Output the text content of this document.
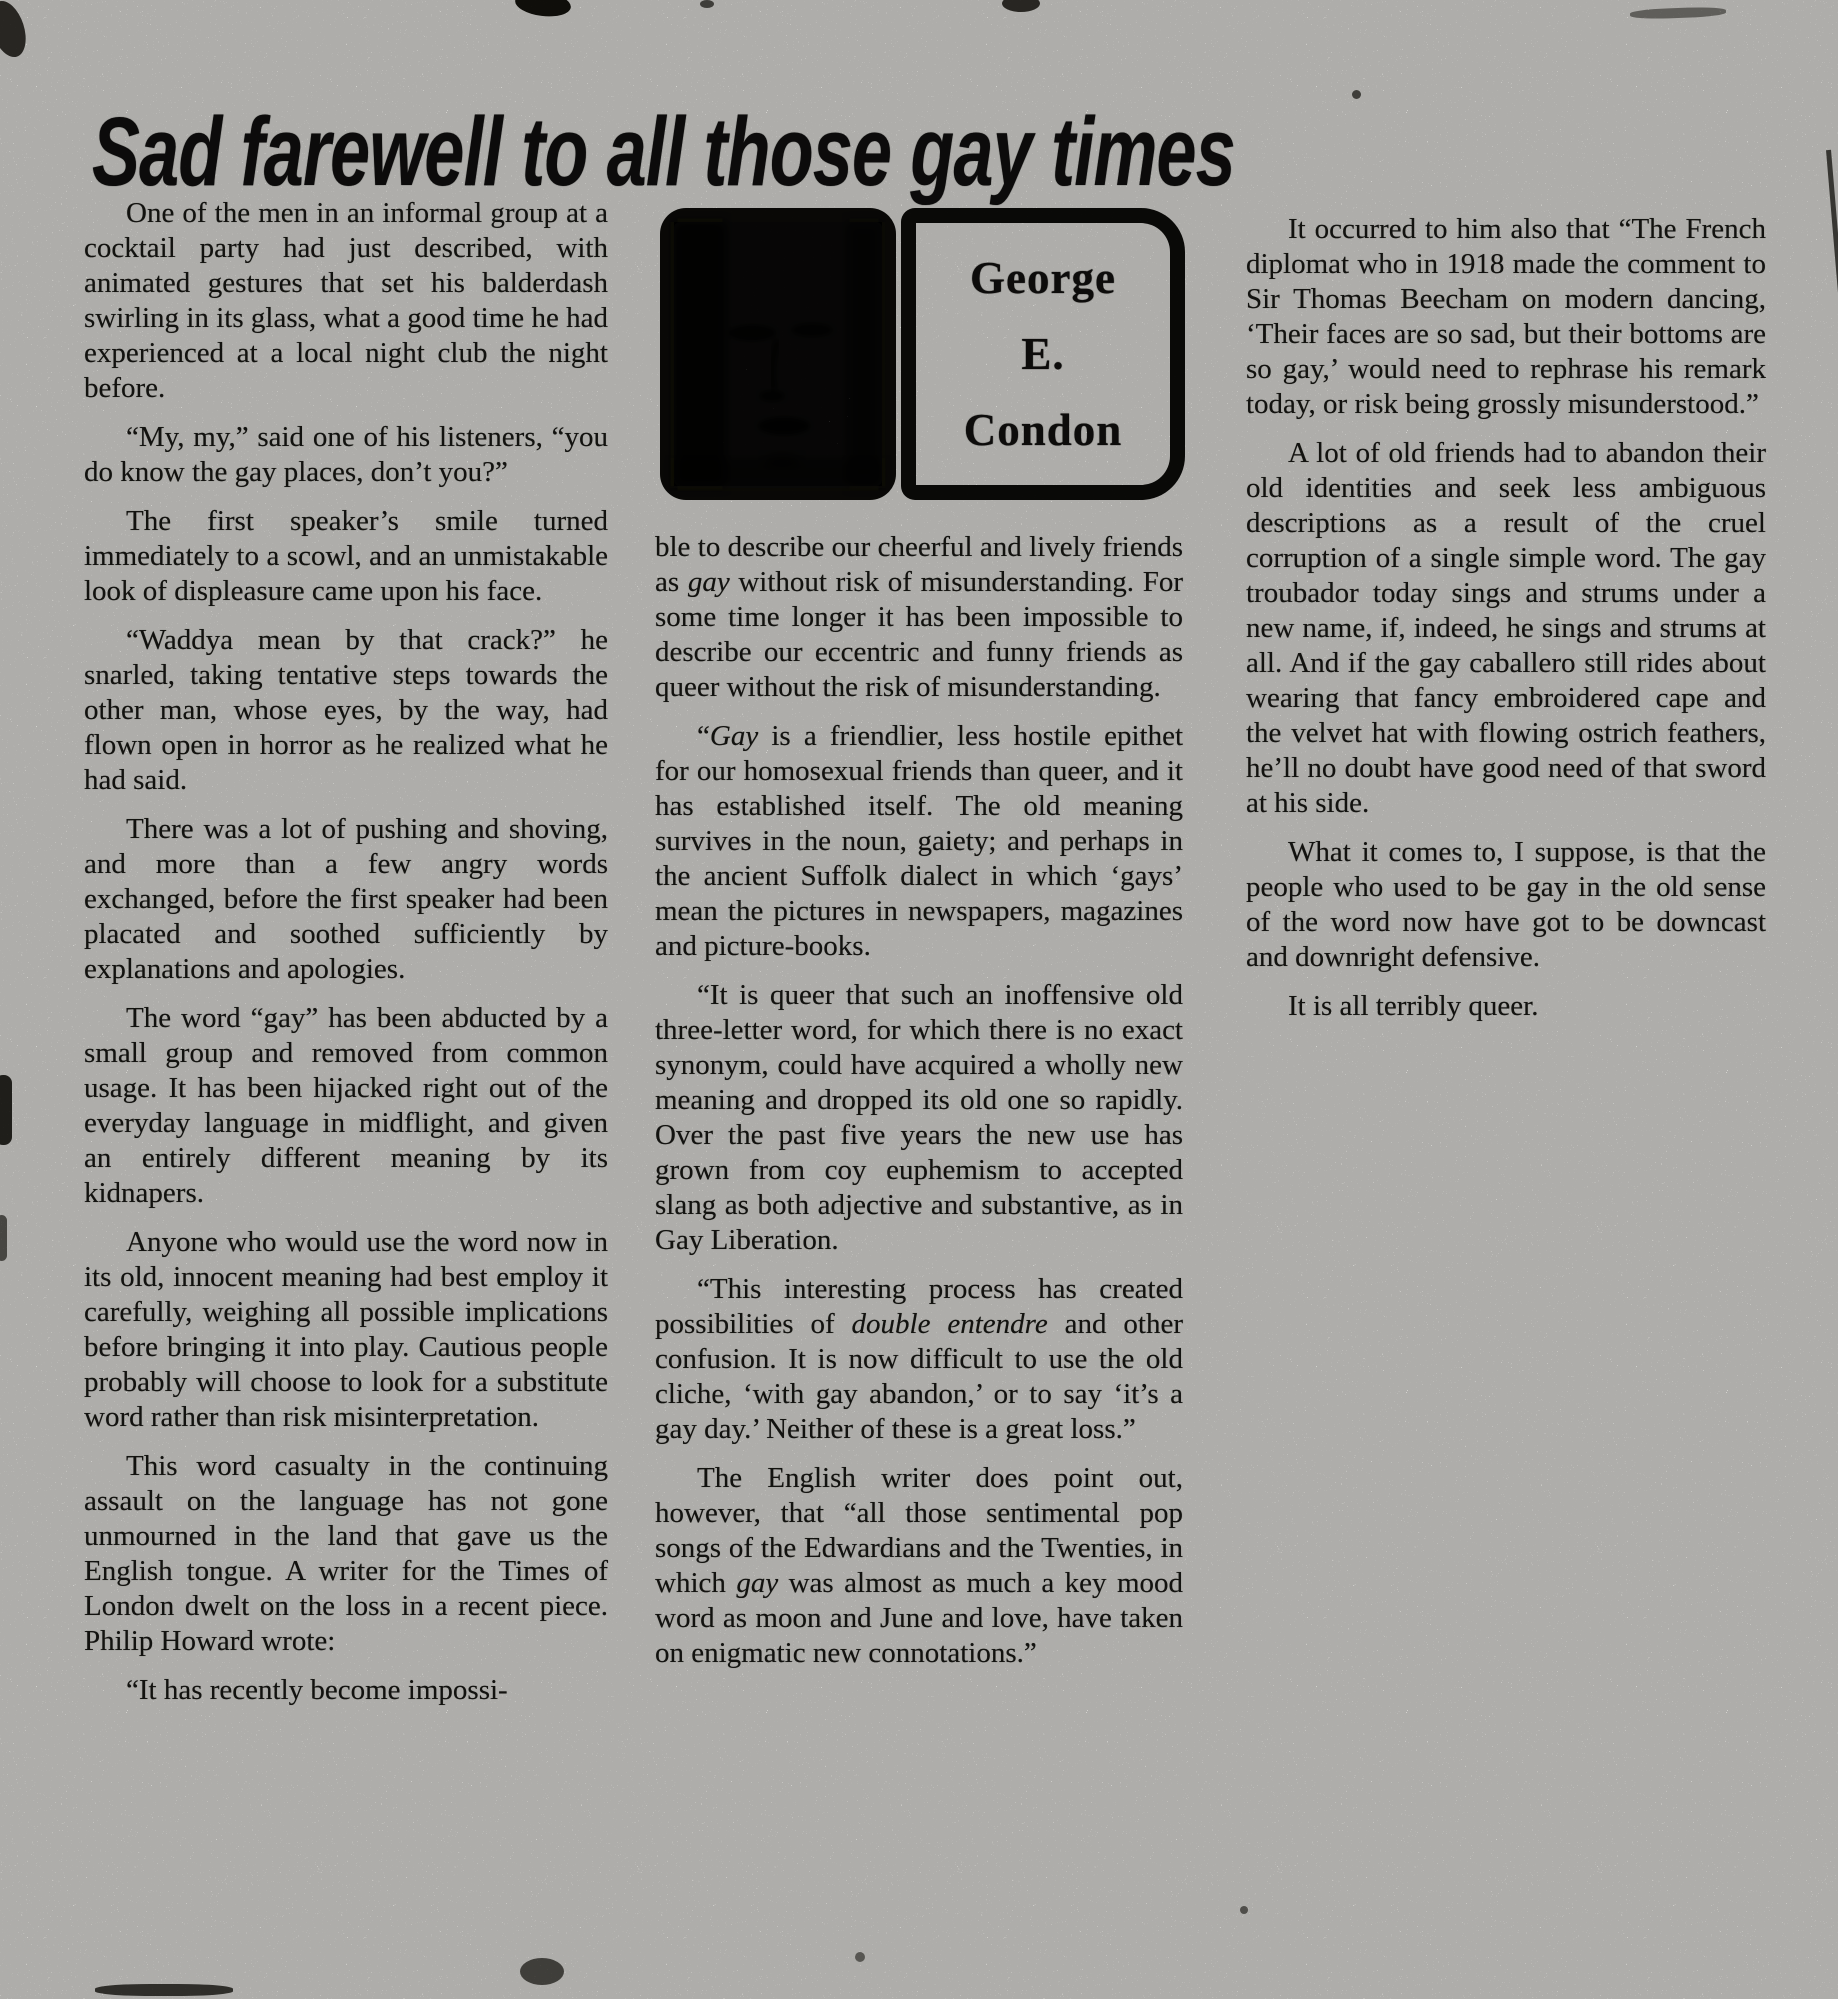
Sad farewell to all those gay times

One of the men in an informal group at a cocktail party had just described, with animated gestures that set his balderdash swirling in its glass, what a good time he had experienced at a local night club the night before.

“My, my,” said one of his listeners, “you do know the gay places, don’t you?”

The first speaker’s smile turned immediately to a scowl, and an unmistakable look of displeasure came upon his face.

“Waddya mean by that crack?” he snarled, taking tentative steps towards the other man, whose eyes, by the way, had flown open in horror as he realized what he had said.

There was a lot of pushing and shoving, and more than a few angry words exchanged, before the first speaker had been placated and soothed sufficiently by explanations and apologies.

The word “gay” has been abducted by a small group and removed from common usage. It has been hijacked right out of the everyday language in midflight, and given an entirely different meaning by its kidnapers.

Anyone who would use the word now in its old, innocent meaning had best employ it carefully, weighing all possible implications before bringing it into play. Cautious people probably will choose to look for a substitute word rather than risk misinterpretation.

This word casualty in the continuing assault on the language has not gone unmourned in the land that gave us the English tongue. A writer for the Times of London dwelt on the loss in a recent piece. Philip Howard wrote:

“It has recently become impossi-

George
E.
Condon

ble to describe our cheerful and lively friends as gay without risk of misunderstanding. For some time longer it has been impossible to describe our eccentric and funny friends as queer without the risk of misunderstanding.

“Gay is a friendlier, less hostile epithet for our homosexual friends than queer, and it has established itself. The old meaning survives in the noun, gaiety; and perhaps in the ancient Suffolk dialect in which ‘gays’ mean the pictures in newspapers, magazines and picture-books.

“It is queer that such an inoffensive old three-letter word, for which there is no exact synonym, could have acquired a wholly new meaning and dropped its old one so rapidly. Over the past five years the new use has grown from coy euphemism to accepted slang as both adjective and substantive, as in Gay Liberation.

“This interesting process has created possibilities of double entendre and other confusion. It is now difficult to use the old cliche, ‘with gay abandon,’ or to say ‘it’s a gay day.’ Neither of these is a great loss.”

The English writer does point out, however, that “all those sentimental pop songs of the Edwardians and the Twenties, in which gay was almost as much a key mood word as moon and June and love, have taken on enigmatic new connotations.”

It occurred to him also that “The French diplomat who in 1918 made the comment to Sir Thomas Beecham on modern dancing, ‘Their faces are so sad, but their bottoms are so gay,’ would need to rephrase his remark today, or risk being grossly misunderstood.”

A lot of old friends had to abandon their old identities and seek less ambiguous descriptions as a result of the cruel corruption of a single simple word. The gay troubador today sings and strums under a new name, if, indeed, he sings and strums at all. And if the gay caballero still rides about wearing that fancy embroidered cape and the velvet hat with flowing ostrich feathers, he’ll no doubt have good need of that sword at his side.

What it comes to, I suppose, is that the people who used to be gay in the old sense of the word now have got to be downcast and downright defensive.

It is all terribly queer.
